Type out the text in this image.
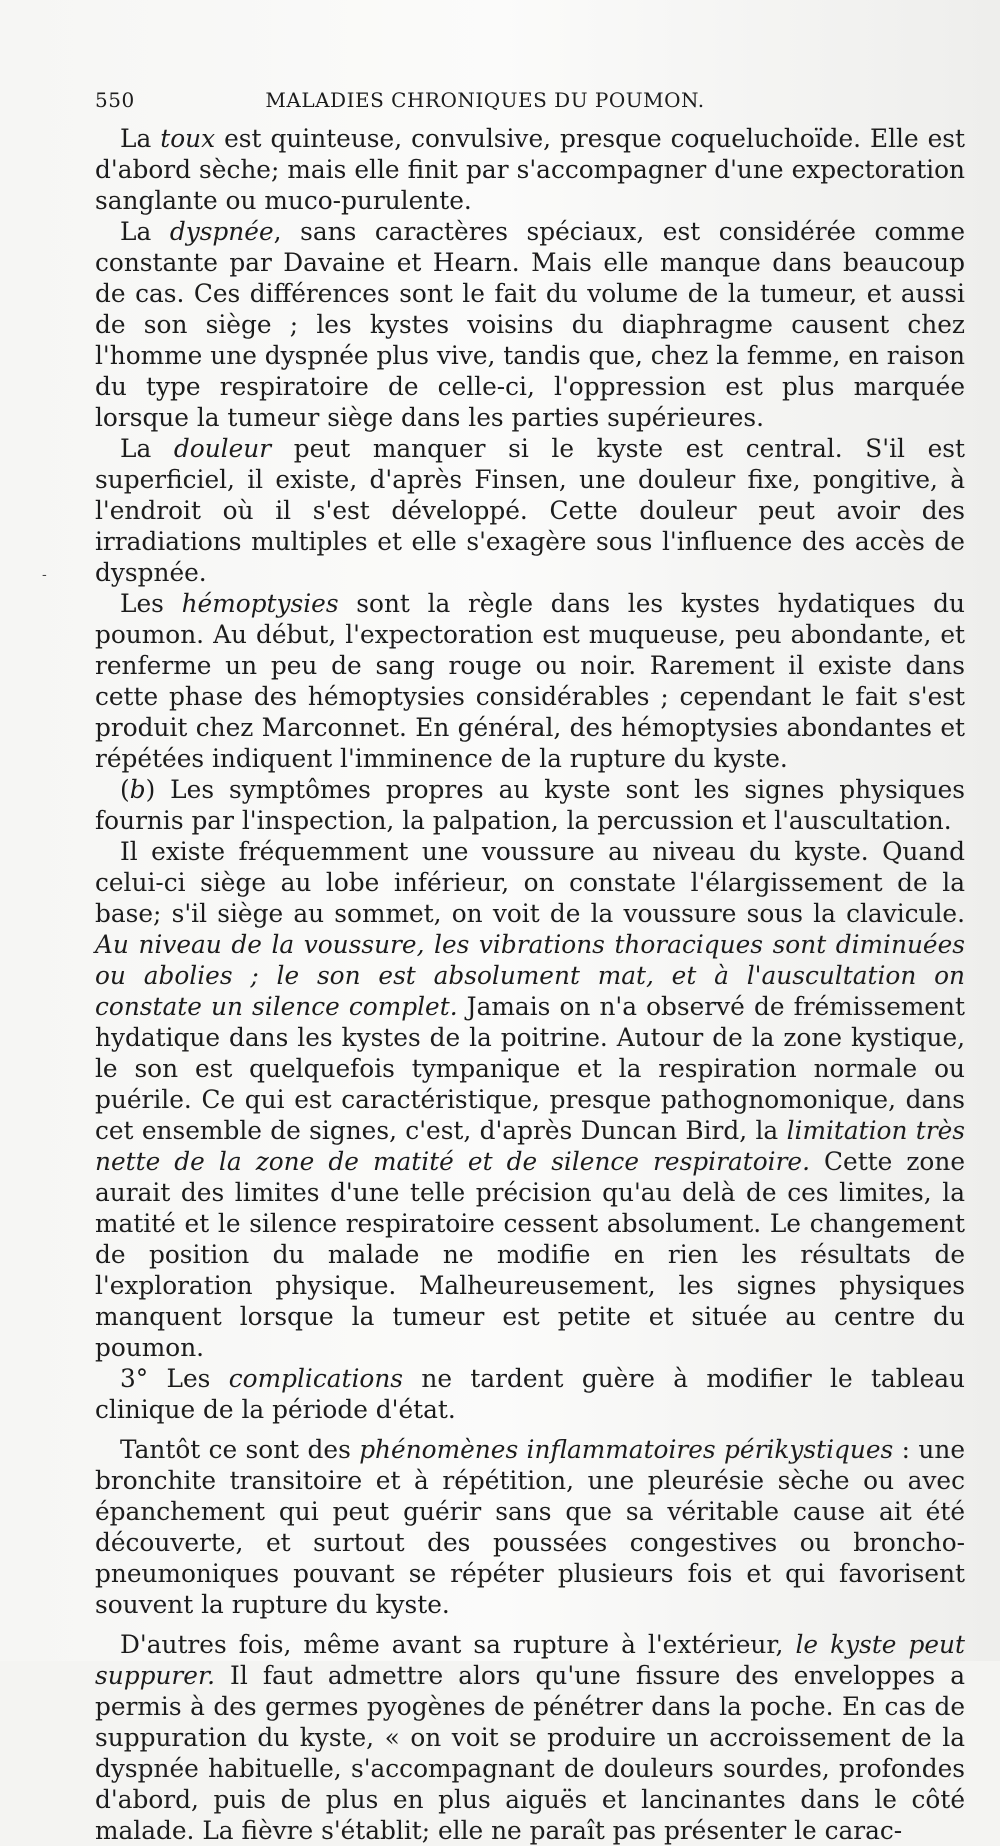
550	MALADIES CHRONIQUES DU POUMON.
-

La toux est quinteuse, convulsive, presque coqueluchoïde. Elle est d'abord sèche; mais elle finit par s'accompagner d'une expectoration sanglante ou muco-purulente.

La dyspnée, sans caractères spéciaux, est considérée comme constante par Davaine et Hearn. Mais elle manque dans beaucoup de cas. Ces différences sont le fait du volume de la tumeur, et aussi de son siège ; les kystes voisins du diaphragme causent chez l'homme une dyspnée plus vive, tandis que, chez la femme, en raison du type respiratoire de celle-ci, l'oppression est plus marquée lorsque la tumeur siège dans les parties supérieures.

La douleur peut manquer si le kyste est central. S'il est superficiel, il existe, d'après Finsen, une douleur fixe, pongitive, à l'endroit où il s'est développé. Cette douleur peut avoir des irradiations multiples et elle s'exagère sous l'influence des accès de dyspnée.

Les hémoptysies sont la règle dans les kystes hydatiques du poumon. Au début, l'expectoration est muqueuse, peu abondante, et renferme un peu de sang rouge ou noir. Rarement il existe dans cette phase des hémoptysies considérables ; cependant le fait s'est produit chez Marconnet. En général, des hémoptysies abondantes et répétées indiquent l'imminence de la rupture du kyste.

(b) Les symptômes propres au kyste sont les signes physiques fournis par l'inspection, la palpation, la percussion et l'auscultation.

Il existe fréquemment une voussure au niveau du kyste. Quand celui-ci siège au lobe inférieur, on constate l'élargissement de la base; s'il siège au sommet, on voit de la voussure sous la clavicule. Au niveau de la voussure, les vibrations thoraciques sont diminuées ou abolies ; le son est absolument mat, et à l'auscultation on constate un silence complet. Jamais on n'a observé de frémissement hydatique dans les kystes de la poitrine. Autour de la zone kystique, le son est quelquefois tympanique et la respiration normale ou puérile. Ce qui est caractéristique, presque pathognomonique, dans cet ensemble de signes, c'est, d'après Duncan Bird, la limitation très nette de la zone de matité et de silence respiratoire. Cette zone aurait des limites d'une telle précision qu'au delà de ces limites, la matité et le silence respiratoire cessent absolument. Le changement de position du malade ne modifie en rien les résultats de l'exploration physique. Malheureusement, les signes physiques manquent lorsque la tumeur est petite et située au centre du poumon.

3° Les complications ne tardent guère à modifier le tableau clinique de la période d'état.

Tantôt ce sont des phénomènes inflammatoires périkystiques : une bronchite transitoire et à répétition, une pleurésie sèche ou avec épanchement qui peut guérir sans que sa véritable cause ait été découverte, et surtout des poussées congestives ou broncho-pneumoniques pouvant se répéter plusieurs fois et qui favorisent souvent la rupture du kyste.

D'autres fois, même avant sa rupture à l'extérieur, le kyste peut suppurer. Il faut admettre alors qu'une fissure des enveloppes a permis à des germes pyogènes de pénétrer dans la poche. En cas de suppuration du kyste, « on voit se produire un accroissement de la dyspnée habituelle, s'accompagnant de douleurs sourdes, profondes d'abord, puis de plus en plus aiguës et lancinantes dans le côté malade. La fièvre s'établit; elle ne paraît pas présenter le carac-
